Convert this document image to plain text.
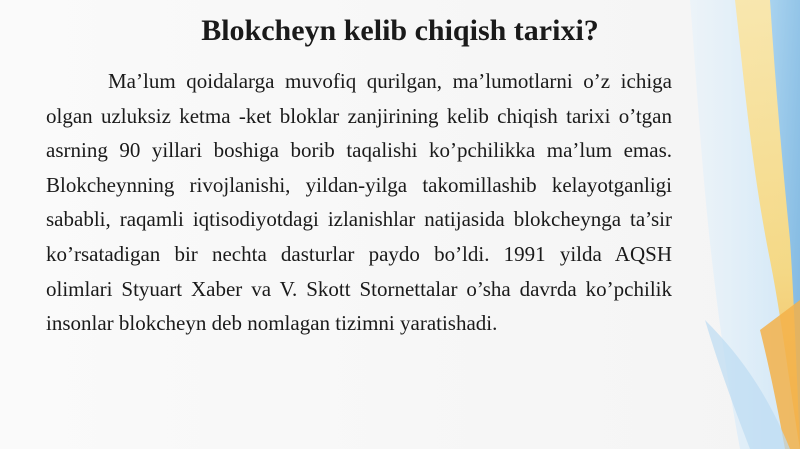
Blokcheyn kelib chiqish tarixi?

Ma’lum qoidalarga muvofiq qurilgan, ma’lumotlarni o’z ichiga olgan uzluksiz ketma -ket bloklar zanjirining kelib chiqish tarixi o’tgan asrning 90 yillari boshiga borib taqalishi ko’pchilikka ma’lum emas. Blokcheynning rivojlanishi, yildan-yilga takomillashib kelayotganligi sababli, raqamli iqtisodiyotdagi izlanishlar natijasida blokcheynga ta’sir ko’rsatadigan bir nechta dasturlar paydo bo’ldi. 1991 yilda AQSH olimlari Styuart Xaber va V. Skott Stornettalar o’sha davrda ko’pchilik insonlar blokcheyn deb nomlagan tizimni yaratishadi.
